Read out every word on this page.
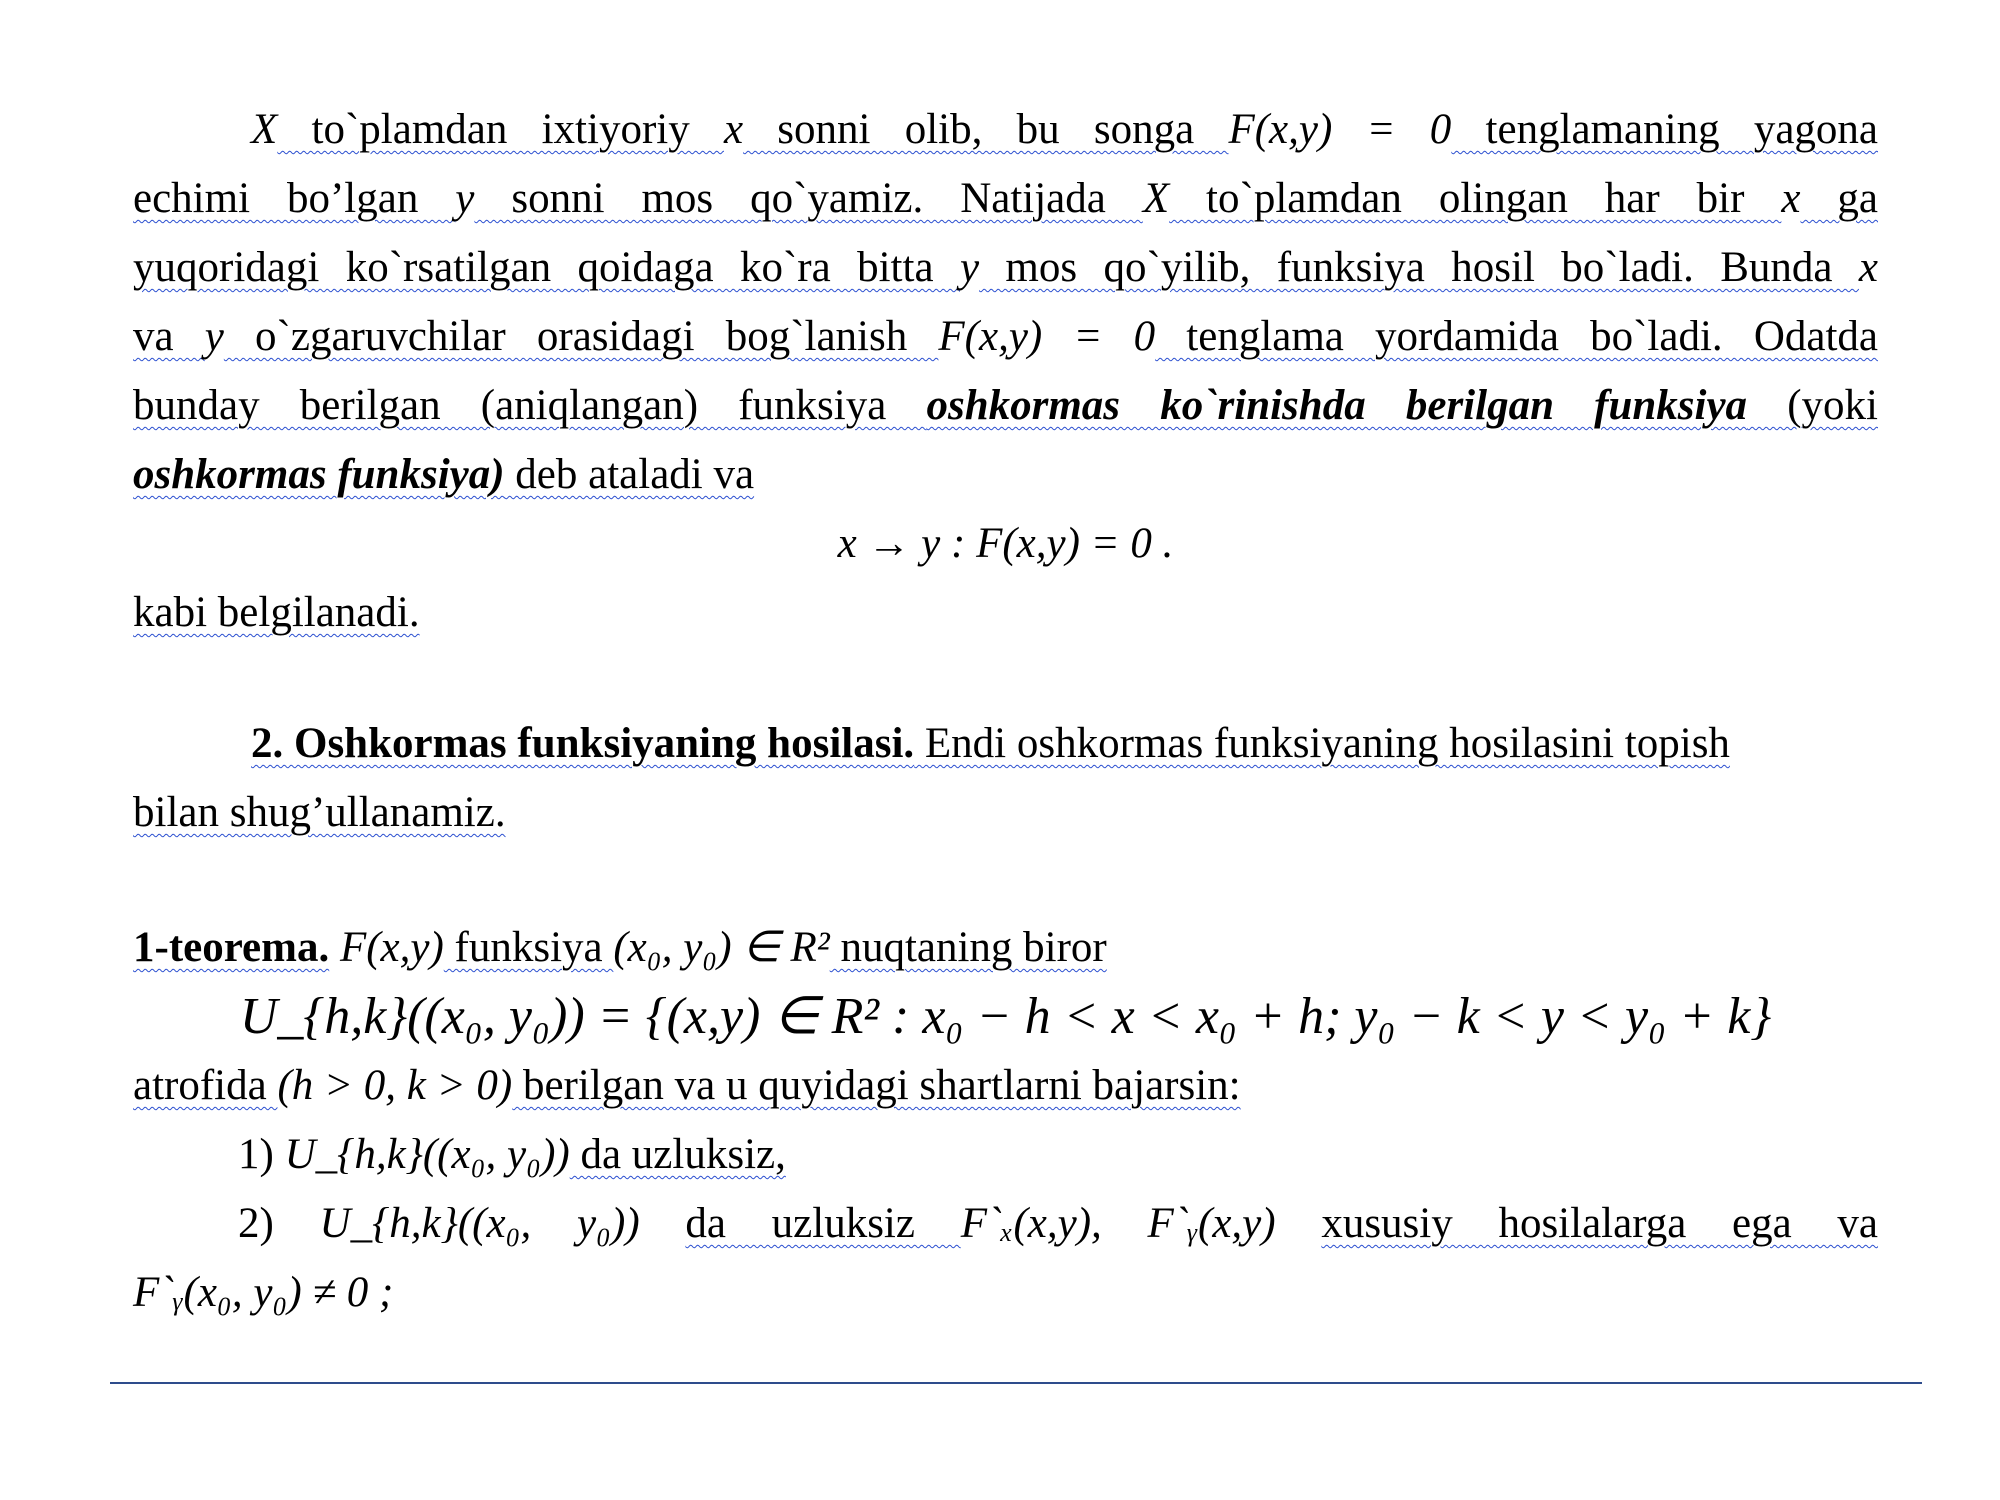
X to`plamdan ixtiyoriy x sonni olib, bu songa F(x,y) = 0 tenglamaning yagona
echimi bo’lgan y sonni mos qo`yamiz. Natijada X to`plamdan olingan har bir x ga
yuqoridagi ko`rsatilgan qoidaga ko`ra bitta y mos qo`yilib, funksiya hosil bo`ladi. Bunda x
va y o`zgaruvchilar orasidagi bog`lanish F(x,y) = 0 tenglama yordamida bo`ladi. Odatda
bunday berilgan (aniqlangan) funksiya oshkormas ko`rinishda berilgan funksiya (yoki
oshkormas funksiya) deb ataladi va
x → y : F(x,y) = 0 .
kabi belgilanadi.
2. Oshkormas funksiyaning hosilasi. Endi oshkormas funksiyaning hosilasini topish
bilan shug’ullanamiz.
1-teorema. F(x,y) funksiya (x₀, y₀) ∈ R² nuqtaning biror
U_{h,k}((x₀, y₀)) = {(x,y) ∈ R² : x₀ − h < x < x₀ + h; y₀ − k < y < y₀ + k}
atrofida (h > 0, k > 0) berilgan va u quyidagi shartlarni bajarsin:
1) U_{h,k}((x₀, y₀)) da uzluksiz,
2) U_{h,k}((x₀, y₀)) da uzluksiz F`ₓ(x,y), F`ᵧ(x,y) xususiy hosilalarga ega va
F`ᵧ(x₀, y₀) ≠ 0 ;
